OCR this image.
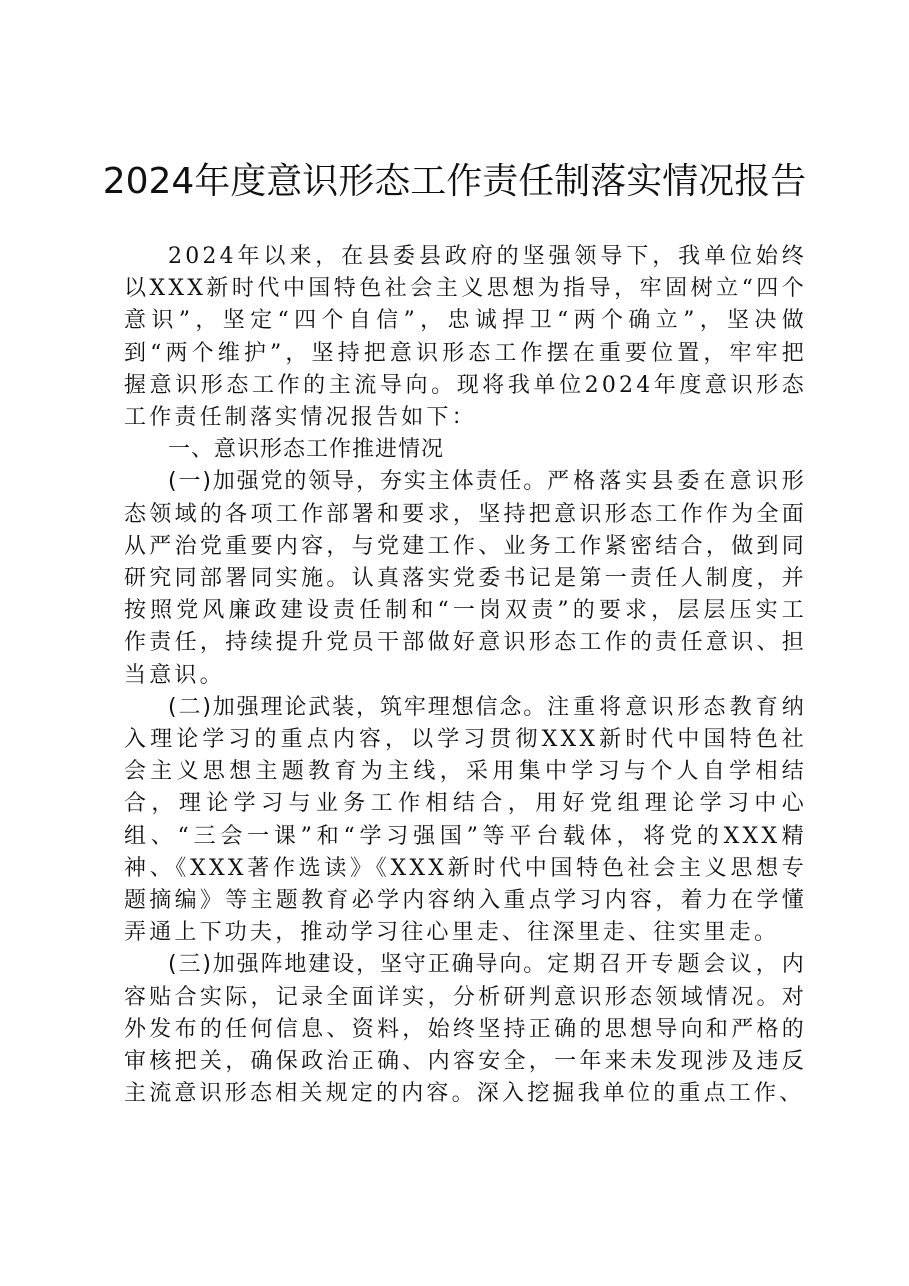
2024年度意识形态工作责任制落实情况报告

2024年以来，在县委县政府的坚强领导下，我单位始终以XXX新时代中国特色社会主义思想为指导，牢固树立“四个意识”，坚定“四个自信”，忠诚捍卫“两个确立”，坚决做到“两个维护”，坚持把意识形态工作摆在重要位置，牢牢把握意识形态工作的主流导向。现将我单位2024年度意识形态工作责任制落实情况报告如下：

一、意识形态工作推进情况

(一)加强党的领导，夯实主体责任。严格落实县委在意识形态领域的各项工作部署和要求，坚持把意识形态工作作为全面从严治党重要内容，与党建工作、业务工作紧密结合，做到同研究同部署同实施。认真落实党委书记是第一责任人制度，并按照党风廉政建设责任制和“一岗双责”的要求，层层压实工作责任，持续提升党员干部做好意识形态工作的责任意识、担当意识。

(二)加强理论武装，筑牢理想信念。注重将意识形态教育纳入理论学习的重点内容，以学习贯彻XXX新时代中国特色社会主义思想主题教育为主线，采用集中学习与个人自学相结合，理论学习与业务工作相结合，用好党组理论学习中心组、“三会一课”和“学习强国”等平台载体，将党的XXX精神、《XXX著作选读》《XXX新时代中国特色社会主义思想专题摘编》等主题教育必学内容纳入重点学习内容，着力在学懂弄通上下功夫，推动学习往心里走、往深里走、往实里走。

(三)加强阵地建设，坚守正确导向。定期召开专题会议，内容贴合实际，记录全面详实，分析研判意识形态领域情况。对外发布的任何信息、资料，始终坚持正确的思想导向和严格的审核把关，确保政治正确、内容安全，一年来未发现涉及违反主流意识形态相关规定的内容。深入挖掘我单位的重点工作、
